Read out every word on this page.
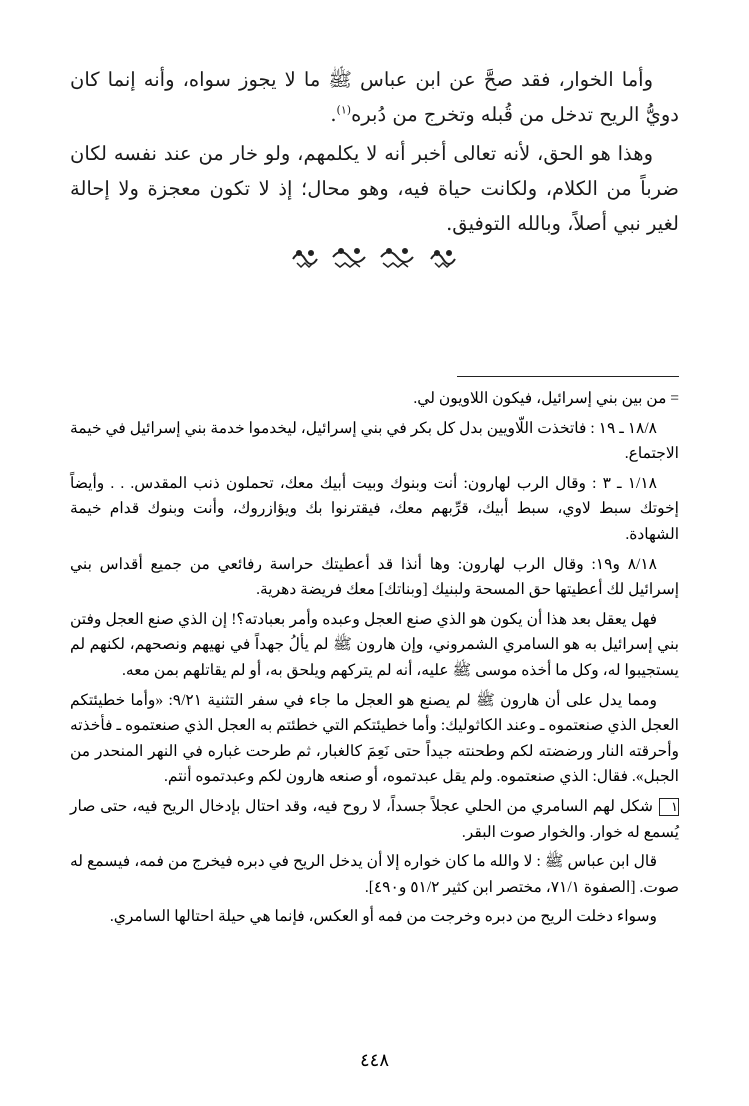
وأما الخوار، فقد صحَّ عن ابن عباس ﷺ ما لا يجوز سواه، وأنه إنما كان دويُّ الريح تدخل من قُبله وتخرج من دُبره$^{(١)}$.

وهذا هو الحق، لأنه تعالى أخبر أنه لا يكلمهم، ولو خار من عند نفسه لكان ضرباً من الكلام، ولكانت حياة فيه، وهو محال؛ إذ لا تكون معجزة ولا إحالة لغير نبي أصلاً، وبالله التوفيق.

= من بين بني إسرائيل، فيكون اللاويون لي.

١٨/٨ ـ ١٩ : فاتخذت اللّاويين بدل كل بكر في بني إسرائيل، ليخدموا خدمة بني إسرائيل في خيمة الاجتماع.

١/١٨ ـ ٣ : وقال الرب لهارون: أنت وبنوك وبيت أبيك معك، تحملون ذنب المقدس. . . وأيضاً إخوتك سبط لاوي، سبط أبيك، قرِّبهم معك، فيقترنوا بك ويؤازروك، وأنت وبنوك قدام خيمة الشهادة.

٨/١٨ و١٩: وقال الرب لهارون: وها أنذا قد أعطيتك حراسة رفائعي من جميع أقداس بني إسرائيل لك أعطيتها حق المسحة ولبنيك [وبناتك] معك فريضة دهرية.

فهل يعقل بعد هذا أن يكون هو الذي صنع العجل وعبده وأمر بعبادته؟! إن الذي صنع العجل وفتن بني إسرائيل به هو السامري الشمروني، وإن هارون ﷺ لم يألُ جهداً في نهيهم ونصحهم، لكنهم لم يستجيبوا له، وكل ما أخذه موسى ﷺ عليه، أنه لم يتركهم ويلحق به، أو لم يقاتلهم بمن معه.

ومما يدل على أن هارون ﷺ لم يصنع هو العجل ما جاء في سفر التثنية ٩/٢١: «وأما خطيئتكم العجل الذي صنعتموه ـ وعند الكاثوليك: وأما خطيئتكم التي خطئتم به العجل الذي صنعتموه ـ فأخذته وأحرقته النار ورضضته لكم وطحنته جيداً حتى نَعِمَ كالغبار، ثم طرحت غباره في النهر المنحدر من الجبل». فقال: الذي صنعتموه. ولم يقل عبدتموه، أو صنعه هارون لكم وعبدتموه أنتم.

١شكل لهم السامري من الحلي عجلاً جسداً، لا روح فيه، وقد احتال بإدخال الريح فيه، حتى صار يُسمع له خوار. والخوار صوت البقر.

قال ابن عباس ﷺ : لا والله ما كان خواره إلا أن يدخل الريح في دبره فيخرج من فمه، فيسمع له صوت. [الصفوة ٧١/١، مختصر ابن كثير ٥١/٢ و٤٩٠].

وسواء دخلت الريح من دبره وخرجت من فمه أو العكس، فإنما هي حيلة احتالها السامري.

٤٤٨
